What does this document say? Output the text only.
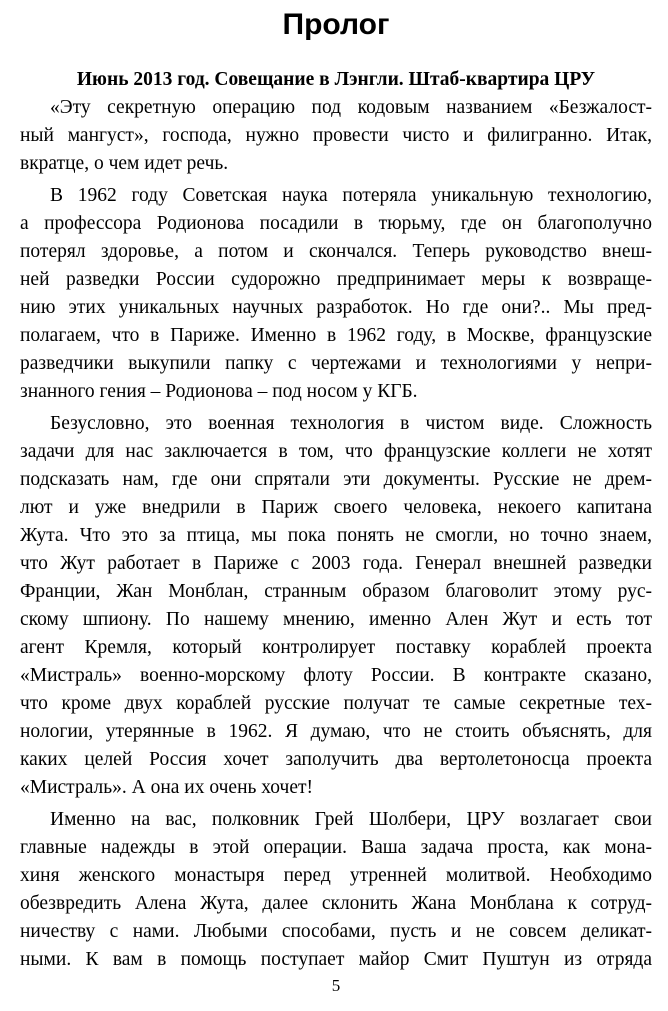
Пролог
Июнь 2013 год. Совещание в Лэнгли. Штаб-квартира ЦРУ
«Эту секретную операцию под кодовым названием «Безжалост-
ный мангуст», господа, нужно провести чисто и филигранно. Итак,
вкратце, о чем идет речь.
В 1962 году Советская наука потеряла уникальную технологию,
а профессора Родионова посадили в тюрьму, где он благополучно
потерял здоровье, а потом и скончался. Теперь руководство внеш-
ней разведки России судорожно предпринимает меры к возвраще-
нию этих уникальных научных разработок. Но где они?.. Мы пред-
полагаем, что в Париже. Именно в 1962 году, в Москве, французские
разведчики выкупили папку с чертежами и технологиями у непри-
знанного гения – Родионова – под носом у КГБ.
Безусловно, это военная технология в чистом виде. Сложность
задачи для нас заключается в том, что французские коллеги не хотят
подсказать нам, где они спрятали эти документы. Русские не дрем-
лют и уже внедрили в Париж своего человека, некоего капитана
Жута. Что это за птица, мы пока понять не смогли, но точно знаем,
что Жут работает в Париже с 2003 года. Генерал внешней разведки
Франции, Жан Монблан, странным образом благоволит этому рус-
скому шпиону. По нашему мнению, именно Ален Жут и есть тот
агент Кремля, который контролирует поставку кораблей проекта
«Мистраль» военно-морскому флоту России. В контракте сказано,
что кроме двух кораблей русские получат те самые секретные тех-
нологии, утерянные в 1962. Я думаю, что не стоить объяснять, для
каких целей Россия хочет заполучить два вертолетоносца проекта
«Мистраль». А она их очень хочет!
Именно на вас, полковник Грей Шолбери, ЦРУ возлагает свои
главные надежды в этой операции. Ваша задача проста, как мона-
хиня женского монастыря перед утренней молитвой. Необходимо
обезвредить Алена Жута, далее склонить Жана Монблана к сотруд-
ничеству с нами. Любыми способами, пусть и не совсем деликат-
ными. К вам в помощь поступает майор Смит Пуштун из отряда
5
